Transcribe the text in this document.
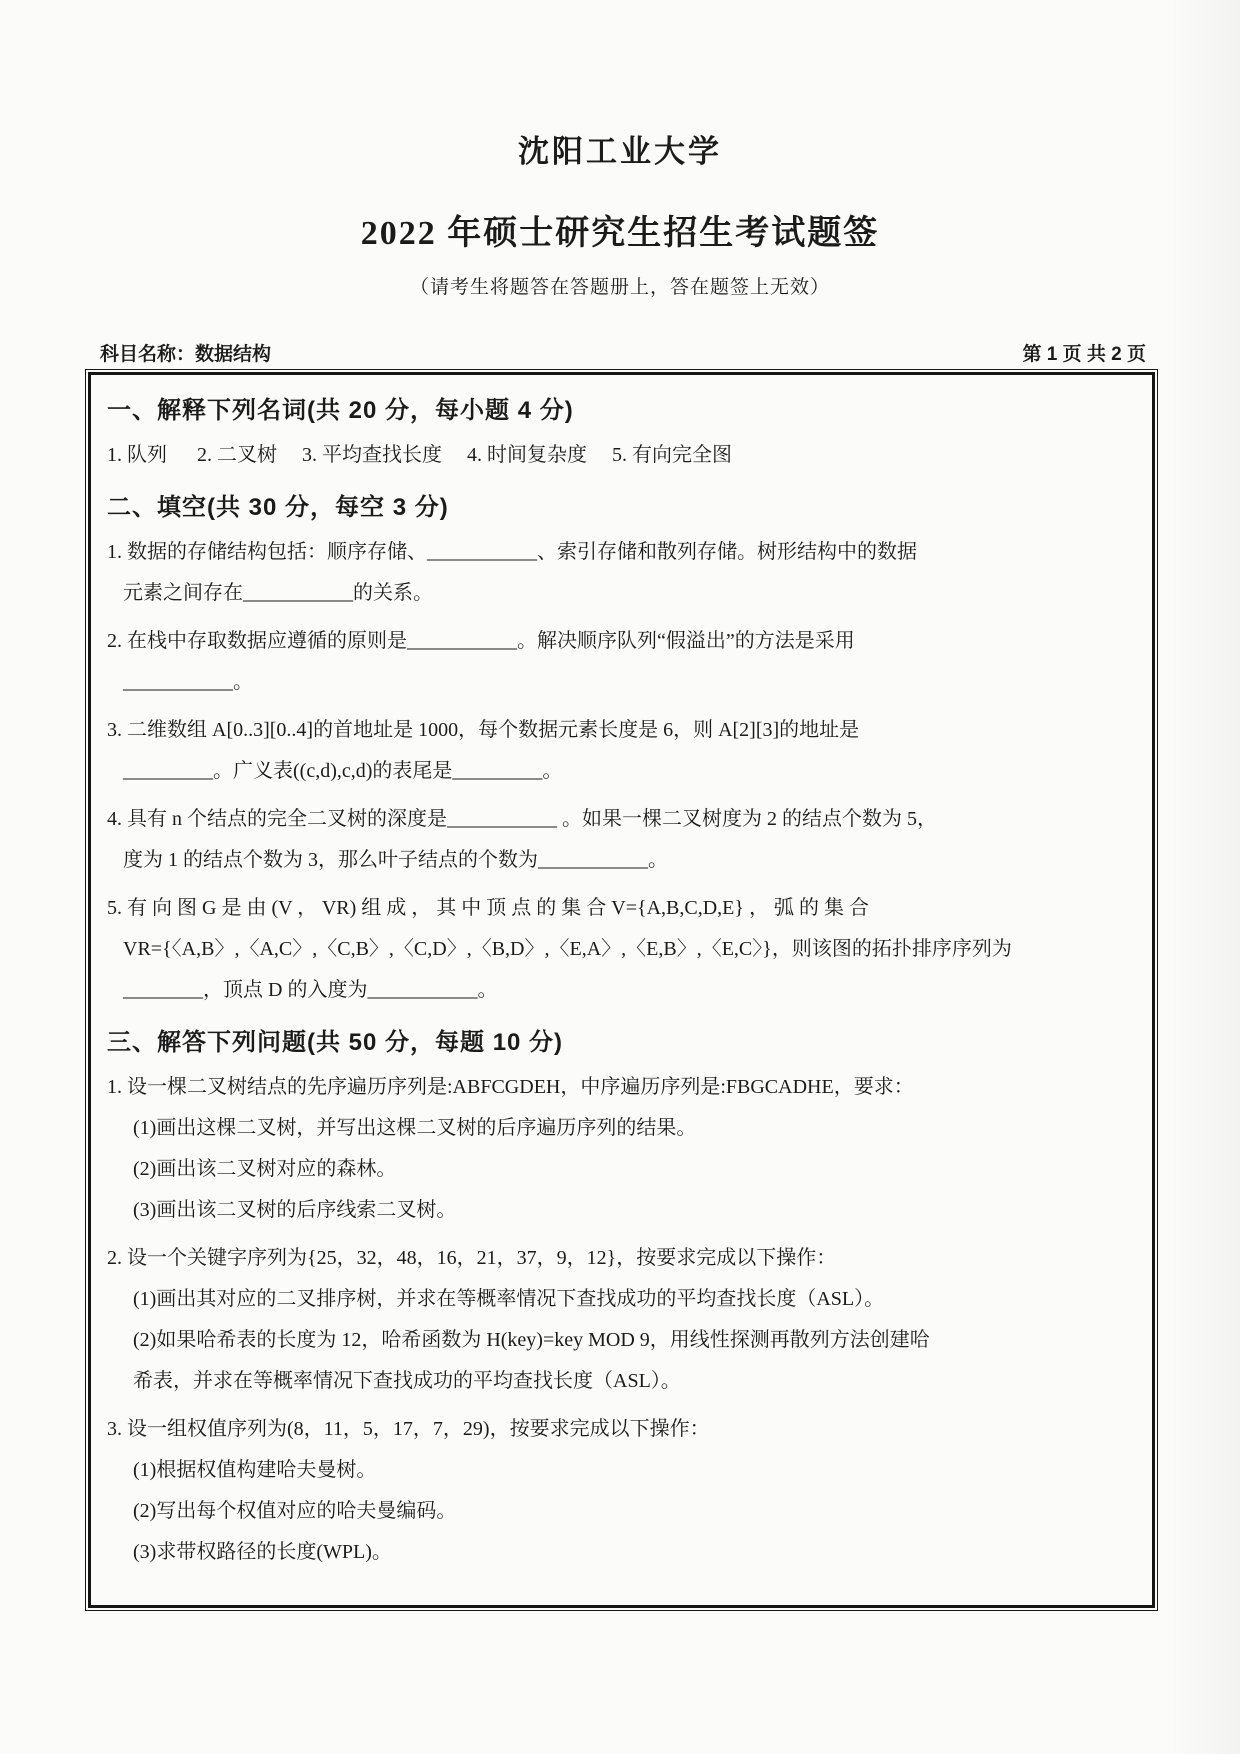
沈阳工业大学
2022 年硕士研究生招生考试题签
（请考生将题答在答题册上，答在题签上无效）
科目名称：数据结构	第 1 页 共 2 页
一、解释下列名词(共 20 分，每小题 4 分)
1. 队列      2. 二叉树     3. 平均查找长度     4. 时间复杂度     5. 有向完全图
二、填空(共 30 分，每空 3 分)
1. 数据的存储结构包括：顺序存储、___________、索引存储和散列存储。树形结构中的数据
元素之间存在___________的关系。
2. 在栈中存取数据应遵循的原则是___________。解决顺序队列“假溢出”的方法是采用
___________。
3. 二维数组 A[0..3][0..4]的首地址是 1000，每个数据元素长度是 6，则 A[2][3]的地址是
_________。广义表((c,d),c,d)的表尾是_________。
4. 具有 n 个结点的完全二叉树的深度是___________ 。如果一棵二叉树度为 2 的结点个数为 5，
度为 1 的结点个数为 3，那么叶子结点的个数为___________。
5. 有 向 图 G 是 由 (V ， VR) 组 成 ， 其 中 顶 点 的 集 合 V={A,B,C,D,E} ， 弧 的 集 合
VR={〈A,B〉,〈A,C〉,〈C,B〉,〈C,D〉,〈B,D〉,〈E,A〉,〈E,B〉,〈E,C〉}，则该图的拓扑排序序列为
________，顶点 D 的入度为___________。
三、解答下列问题(共 50 分，每题 10 分)
1. 设一棵二叉树结点的先序遍历序列是:ABFCGDEH，中序遍历序列是:FBGCADHE，要求：
(1)画出这棵二叉树，并写出这棵二叉树的后序遍历序列的结果。
(2)画出该二叉树对应的森林。
(3)画出该二叉树的后序线索二叉树。
2. 设一个关键字序列为{25，32，48，16，21，37，9，12}，按要求完成以下操作：
(1)画出其对应的二叉排序树，并求在等概率情况下查找成功的平均查找长度（ASL）。
(2)如果哈希表的长度为 12，哈希函数为 H(key)=key MOD 9，用线性探测再散列方法创建哈
希表，并求在等概率情况下查找成功的平均查找长度（ASL）。
3. 设一组权值序列为(8，11，5，17，7，29)，按要求完成以下操作：
(1)根据权值构建哈夫曼树。
(2)写出每个权值对应的哈夫曼编码。
(3)求带权路径的长度(WPL)。
